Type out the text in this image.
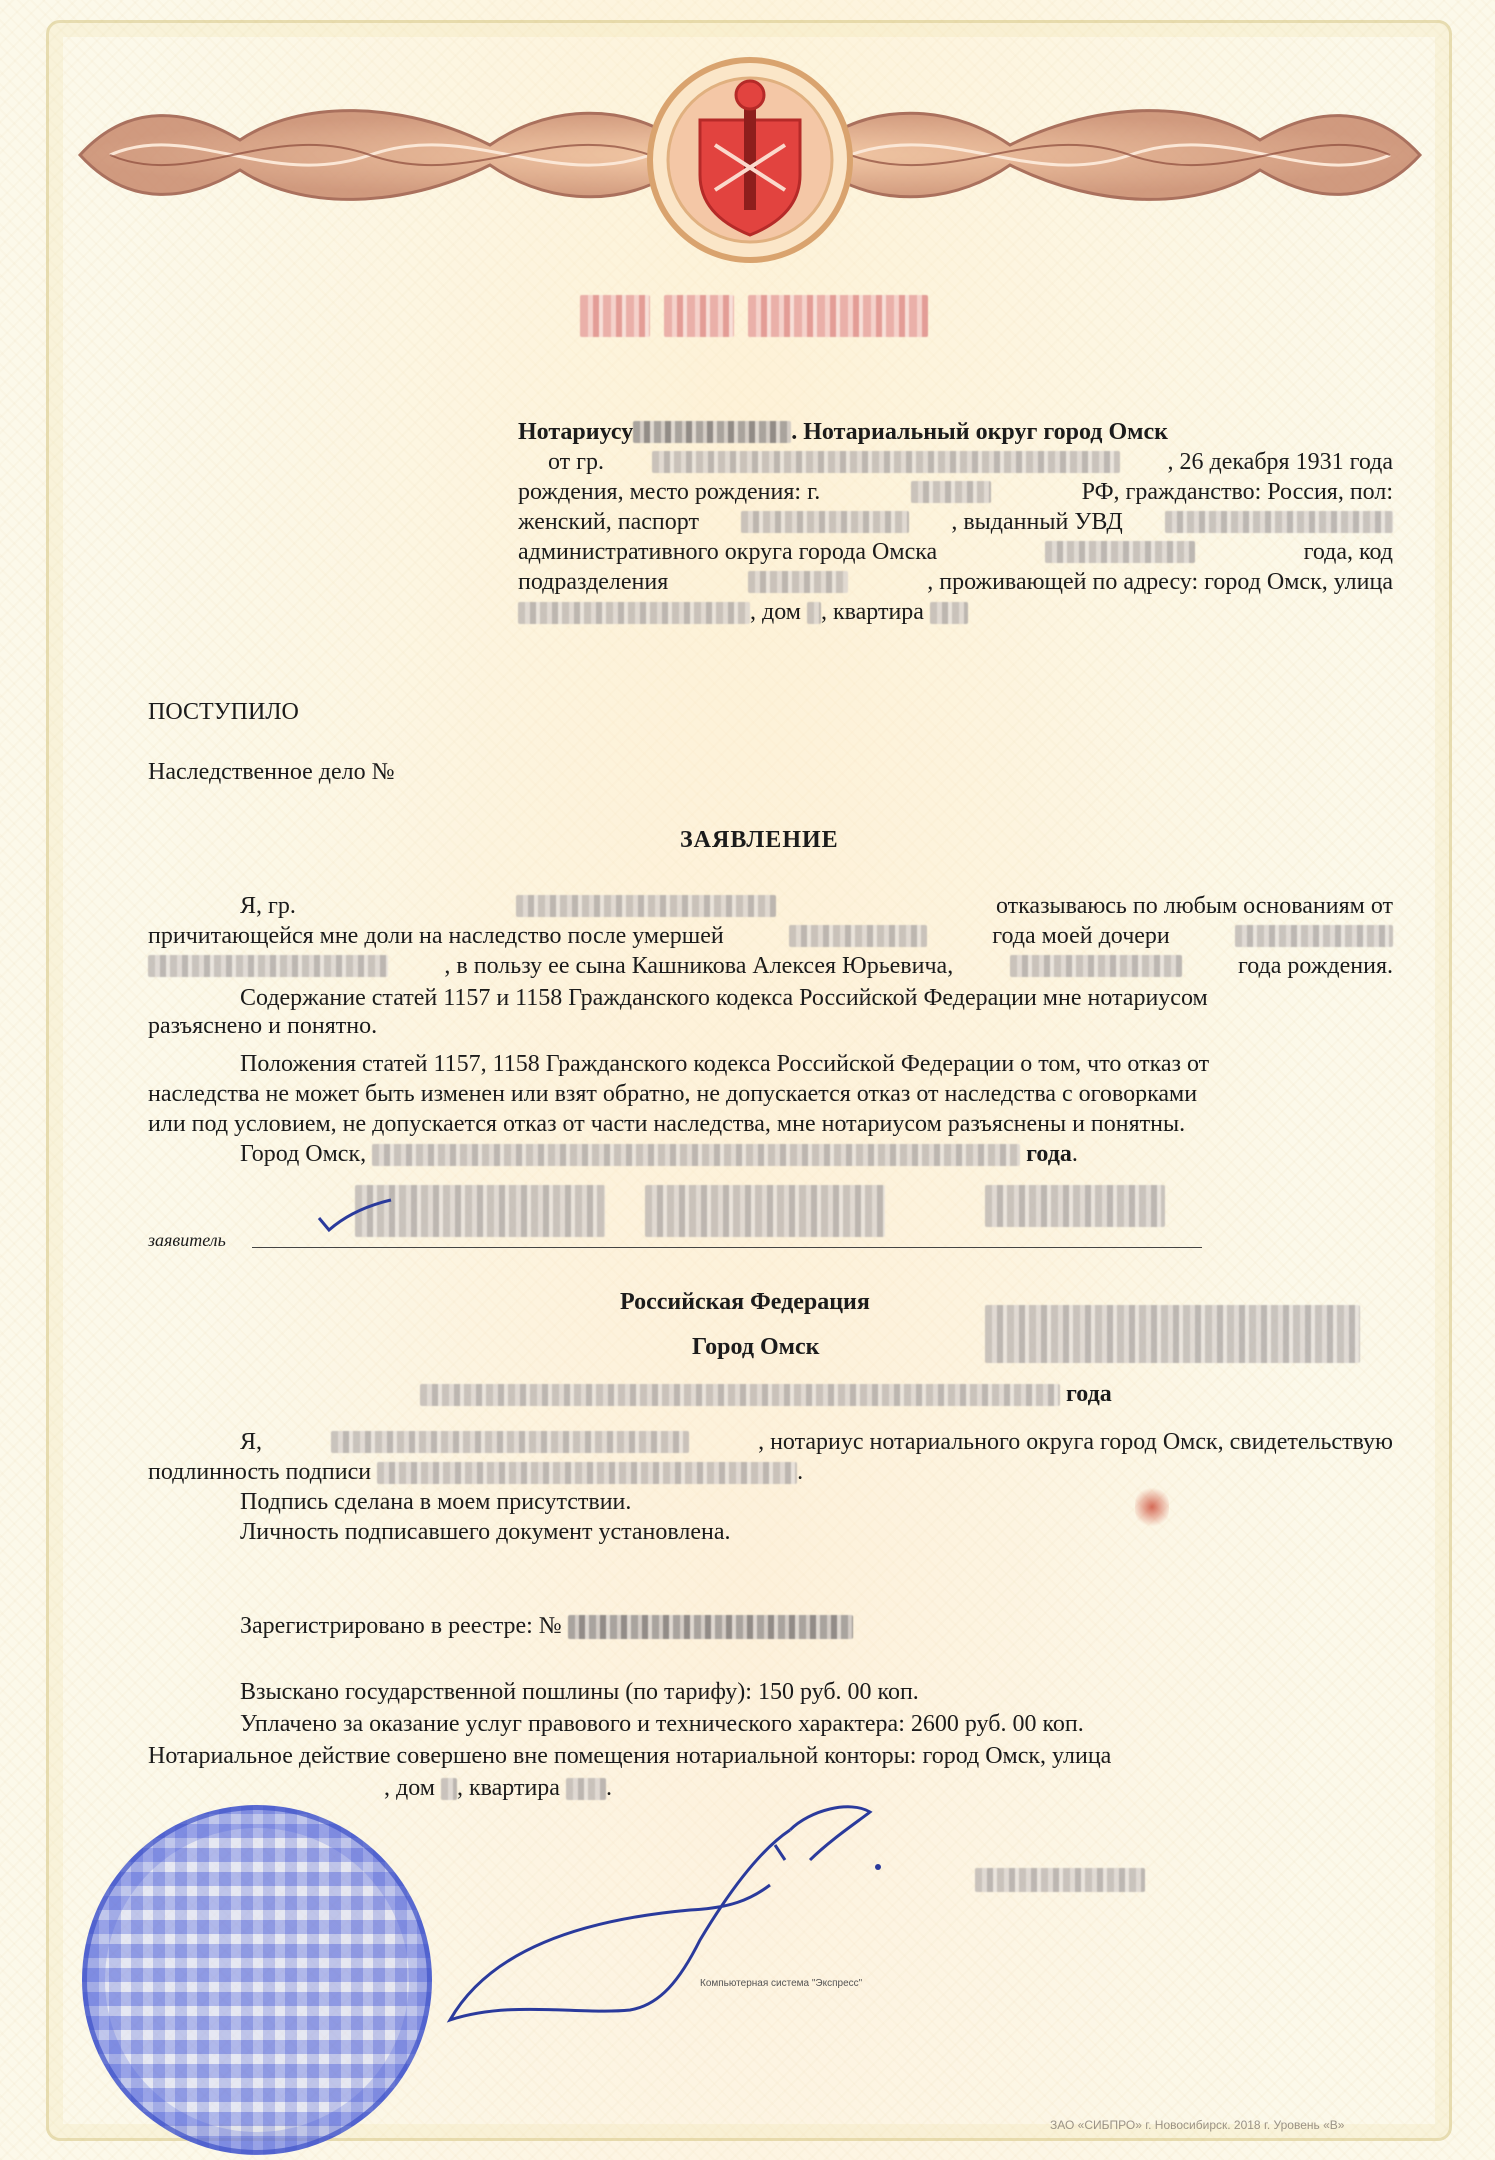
Нотариусу	. Нотариальный округ город Омск
от гр.	, 26 декабря 1931 года
рождения, место рождения: г.	РФ, гражданство: Россия, пол:
женский, паспорт	, выданный УВД
административного округа города Омска	года, код
подразделения	, проживающей по адресу: город Омск, улица
, дом , квартира
ПОСТУПИЛО
Наследственное дело №
ЗАЯВЛЕНИЕ
Я, гр.	отказываюсь по любым основаниям от
причитающейся мне доли на наследство после умершей	года моей дочери
, в пользу ее сына Кашникова Алексея Юрьевича,	года рождения.
Содержание статей 1157 и 1158 Гражданского кодекса Российской Федерации мне нотариусом
разъяснено и понятно.
Положения статей 1157, 1158 Гражданского кодекса Российской Федерации о том, что отказ от
наследства не может быть изменен или взят обратно, не допускается отказ от наследства с оговорками
или под условием, не допускается отказ от части наследства, мне нотариусом разъяснены и понятны.
Город Омск,	года.
заявитель
Российская Федерация
Город Омск
года
Я,	, нотариус нотариального округа город Омск, свидетельствую
подлинность подписи	.
Подпись сделана в моем присутствии.
Личность подписавшего документ установлена.
Зарегистрировано в реестре: №
Взыскано государственной пошлины (по тарифу): 150 руб. 00 коп.
Уплачено за оказание услуг правового и технического характера: 2600 руб. 00 коп.
Нотариальное действие совершено вне помещения нотариальной конторы: город Омск, улица
, дом , квартира .
Компьютерная система "Экспресс"
ЗАО «СИБПРО» г. Новосибирск. 2018 г. Уровень «В»
